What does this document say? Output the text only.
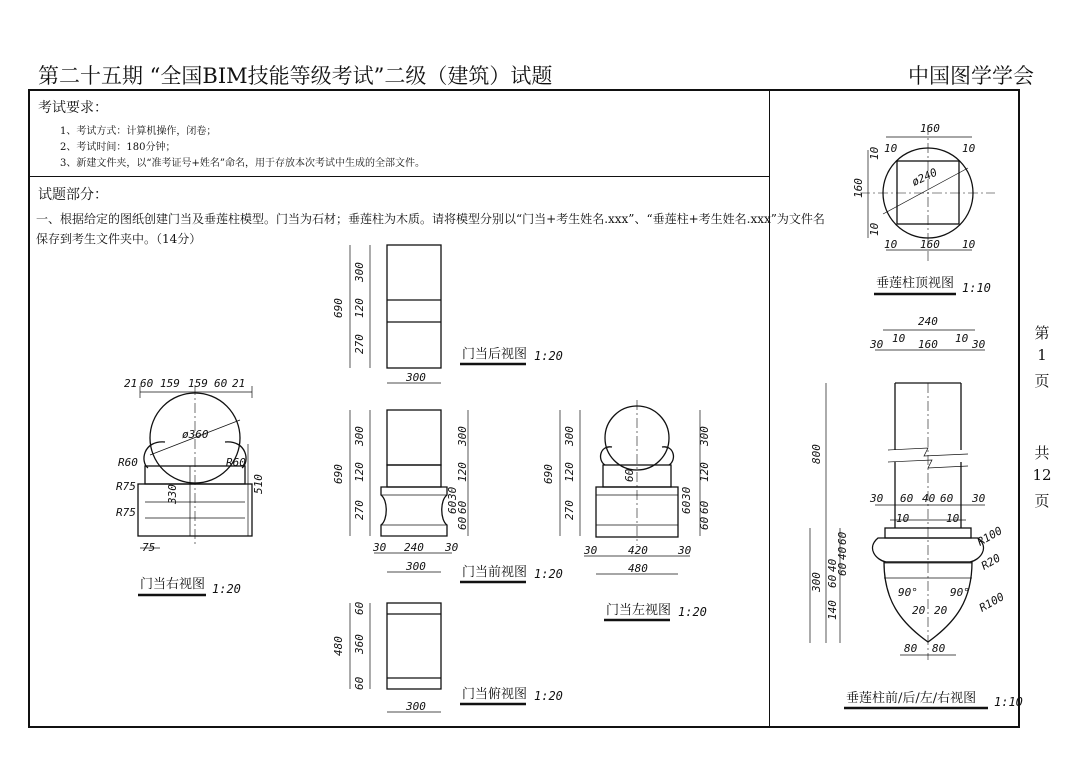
第二十五期 “全国BIM技能等级考试”二级（建筑）试题	中国图学学会
考试要求：
1、考试方式：计算机操作，闭卷；
2、考试时间：180分钟；
3、新建文件夹，以“准考证号+姓名”命名，用于存放本次考试中生成的全部文件。
试题部分：
一、根据给定的图纸创建门当及垂莲柱模型。门当为石材；垂莲柱为木质。请将模型分别以“门当+考生姓名.xxx”、“垂莲柱+考生姓名.xxx”为文件名
保存到考生文件夹中。（14分）
第
1
页
共
12
页
21 60 159 159 60 21
ø360
R60	R60
R75
R75
510
330
75
门当右视图 1:20
300
120
270
690
300
门当后视图 1:20
300
120
270
690
300
120
30
60
60
60
30 240 30
300	门当前视图 1:20
300
120
270
690
300
120
30
60 60
60
60
30	420	30
480
门当左视图 1:20
60
360
60
480
300
门当俯视图 1:20
160
10	10
ø240
160
10
10
160
10	10
垂莲柱顶视图 1:10
240
30 10 160 10 30
800
300
60
40
60
60
40
140
30 60 40 60 30
10	10
R100
R20
R100
90°	90°
20 20
80 80
垂莲柱前/后/左/右视图 1:10
